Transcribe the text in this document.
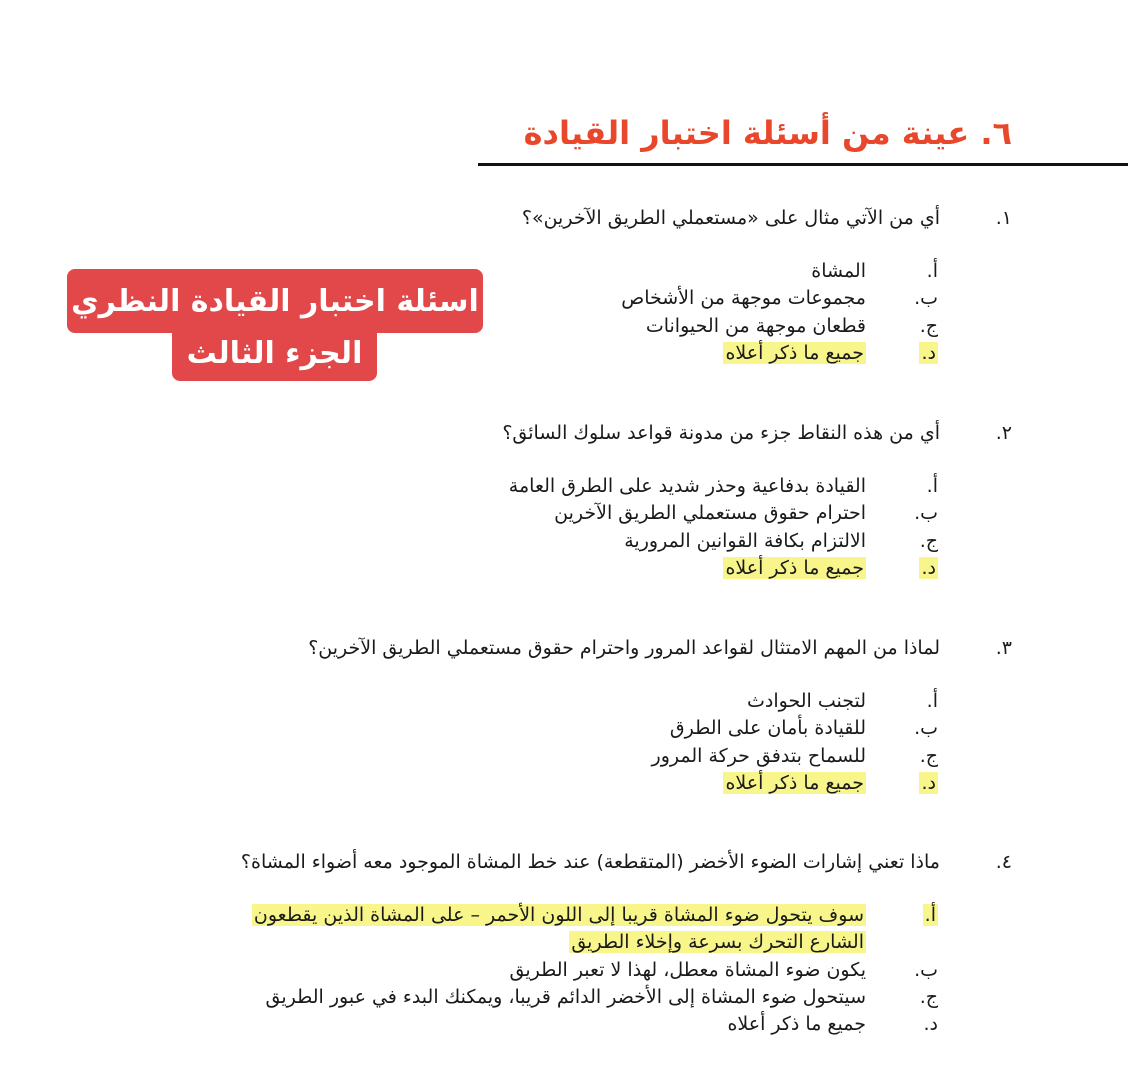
٦. عينة من أسئلة اختبار القيادة
اسئلة اختبار القيادة النظري
الجزء الثالث
١.
أي من الآتي مثال على «مستعملي الطريق الآخرين»؟
أ.
المشاة
ب.
مجموعات موجهة من الأشخاص
ج.
قطعان موجهة من الحيوانات
د.
جميع ما ذكر أعلاه
٢.
أي من هذه النقاط جزء من مدونة قواعد سلوك السائق؟
أ.
القيادة بدفاعية وحذر شديد على الطرق العامة
ب.
احترام حقوق مستعملي الطريق الآخرين
ج.
الالتزام بكافة القوانين المرورية
د.
جميع ما ذكر أعلاه
٣.
لماذا من المهم الامتثال لقواعد المرور واحترام حقوق مستعملي الطريق الآخرين؟
أ.
لتجنب الحوادث
ب.
للقيادة بأمان على الطرق
ج.
للسماح بتدفق حركة المرور
د.
جميع ما ذكر أعلاه
٤.
ماذا تعني إشارات الضوء الأخضر (المتقطعة) عند خط المشاة الموجود معه أضواء المشاة؟
أ.
سوف يتحول ضوء المشاة قريبا إلى اللون الأحمر – على المشاة الذين يقطعون
الشارع التحرك بسرعة وإخلاء الطريق
ب.
يكون ضوء المشاة معطل، لهذا لا تعبر الطريق
ج.
سيتحول ضوء المشاة إلى الأخضر الدائم قريبا، ويمكنك البدء في عبور الطريق
د.
جميع ما ذكر أعلاه
